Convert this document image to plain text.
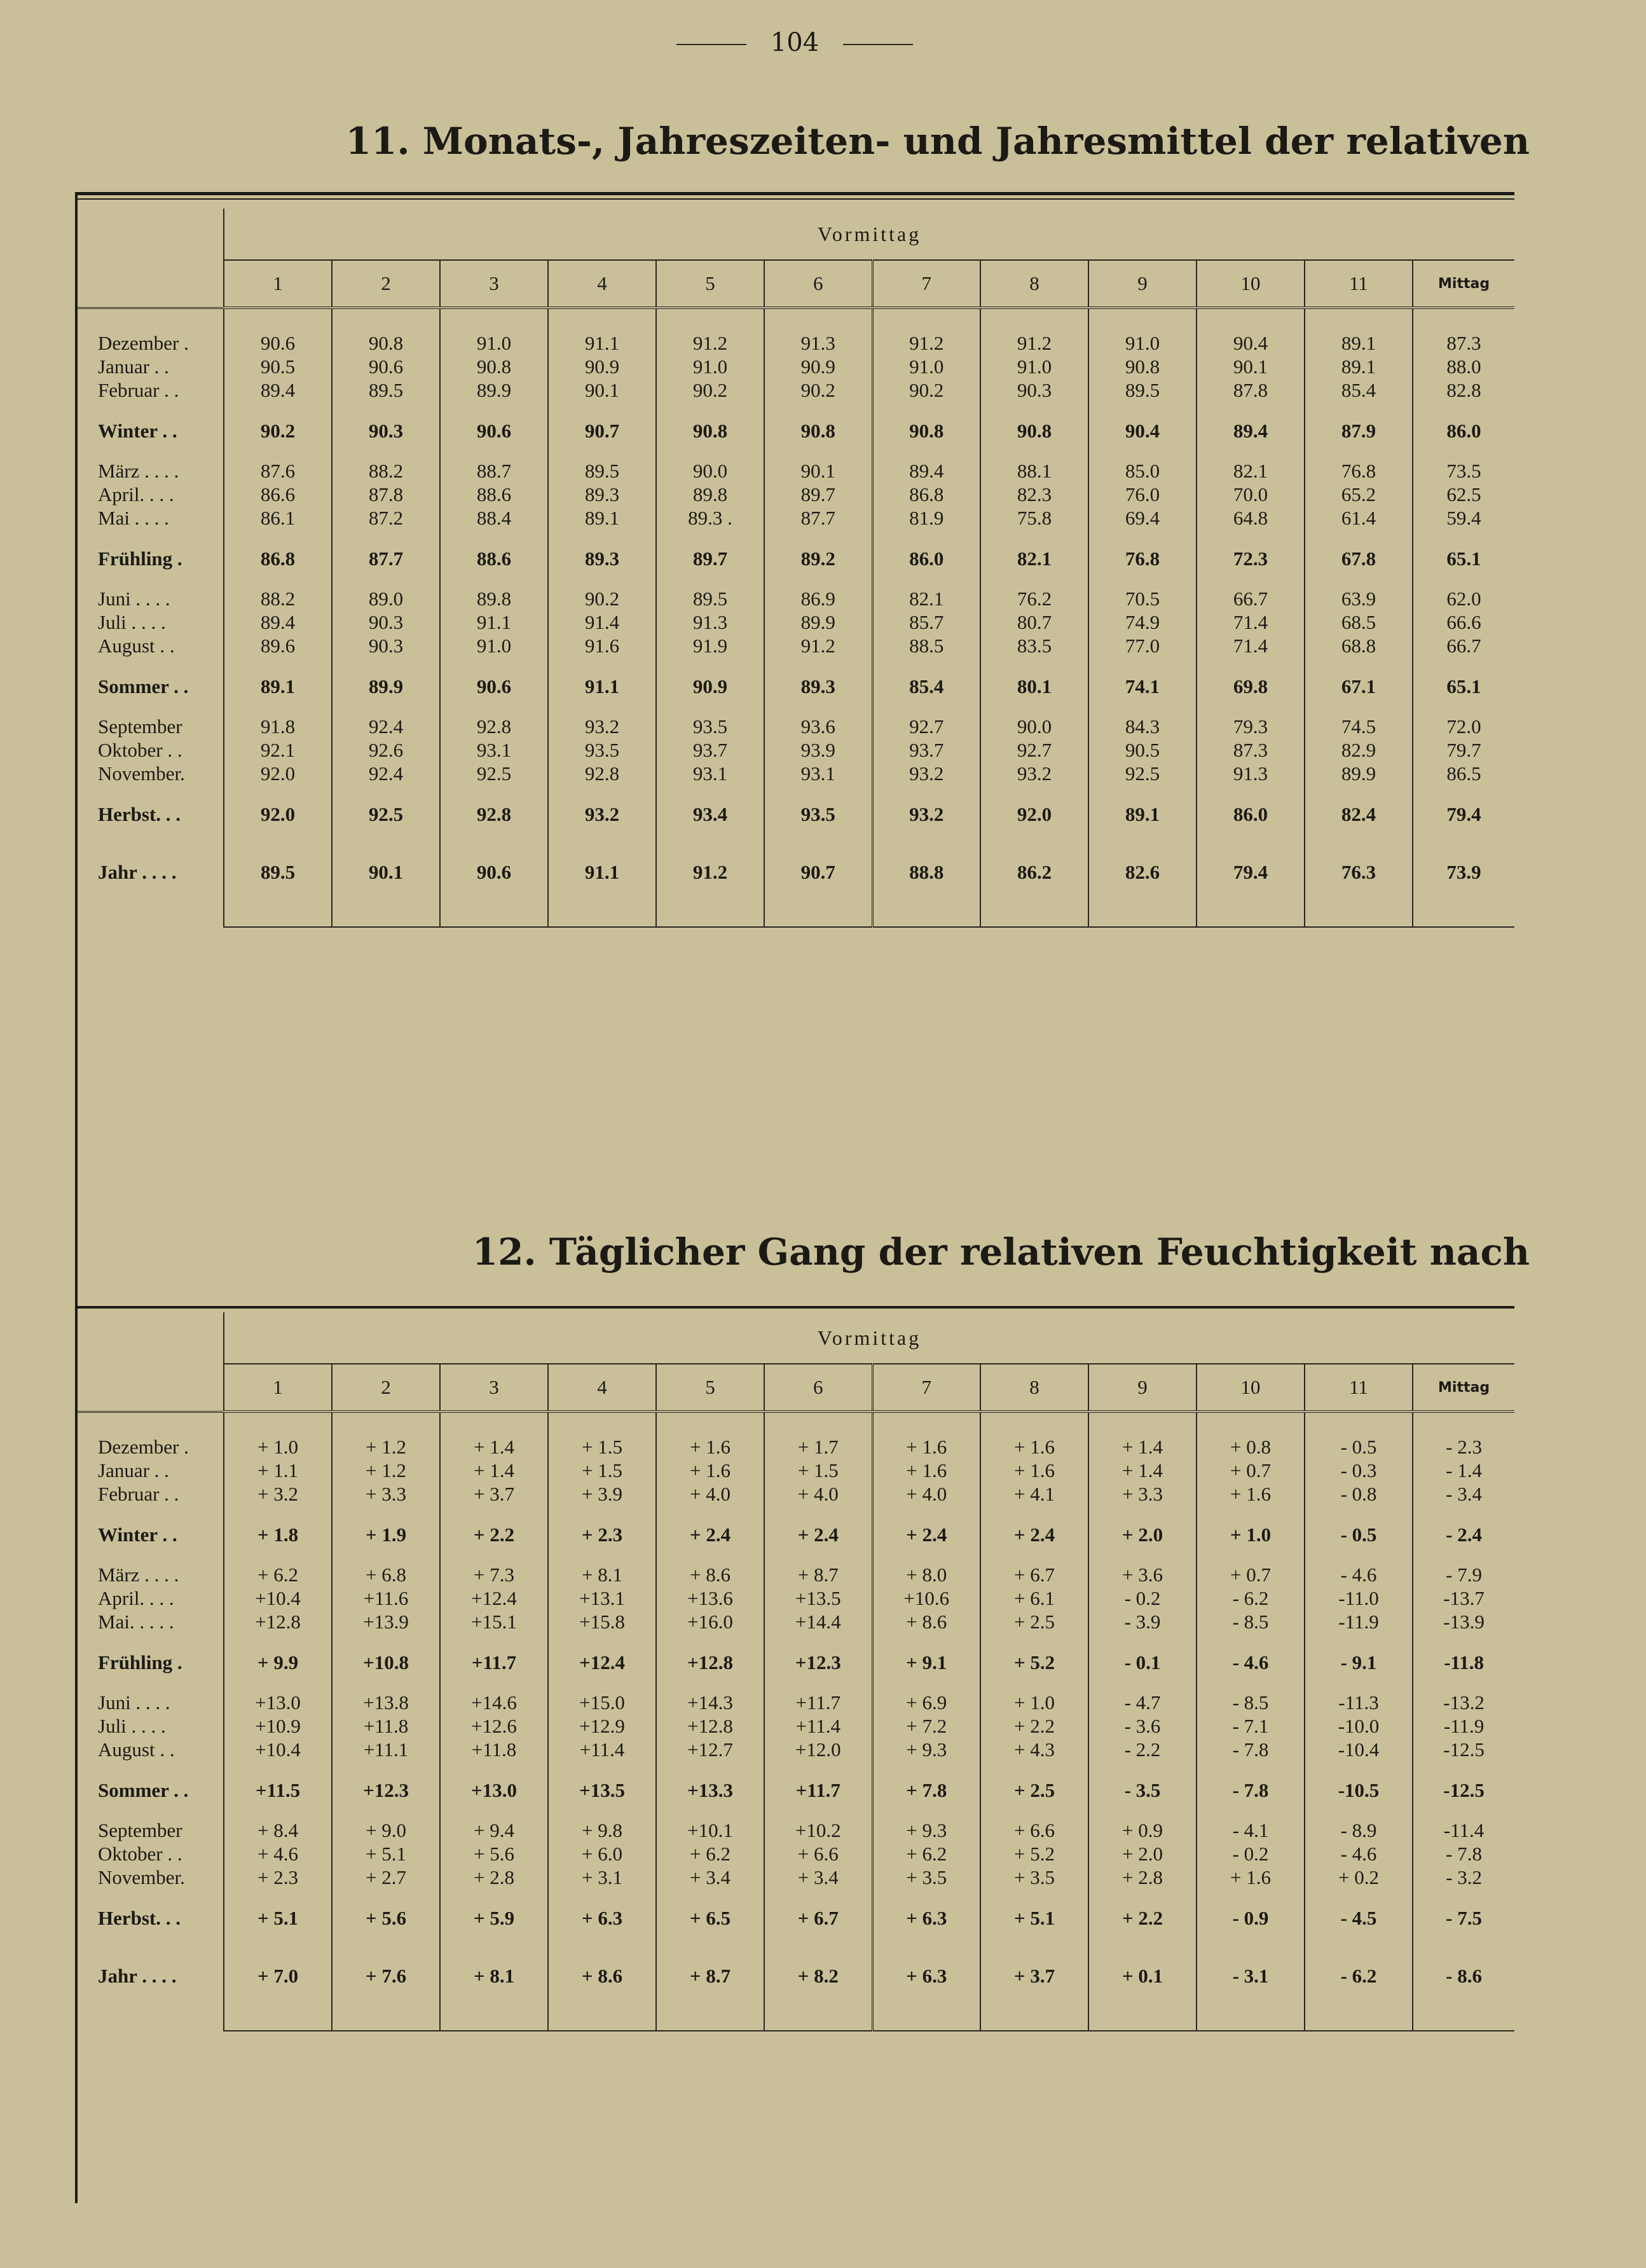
104
11. Monats-, Jahreszeiten- und Jahresmittel der relativen
	Vormittag											
	1	2	3	4	5	6	7	8	9	10	11	Mittag

Dezember .	90.6	90.8	91.0	91.1	91.2	91.3	91.2	91.2	91.0	90.4	89.1	87.3
Januar . .	90.5	90.6	90.8	90.9	91.0	90.9	91.0	91.0	90.8	90.1	89.1	88.0
Februar . .	89.4	89.5	89.9	90.1	90.2	90.2	90.2	90.3	89.5	87.8	85.4	82.8
Winter . .	90.2	90.3	90.6	90.7	90.8	90.8	90.8	90.8	90.4	89.4	87.9	86.0
März . . . .	87.6	88.2	88.7	89.5	90.0	90.1	89.4	88.1	85.0	82.1	76.8	73.5
April. . . .	86.6	87.8	88.6	89.3	89.8	89.7	86.8	82.3	76.0	70.0	65.2	62.5
Mai . . . .	86.1	87.2	88.4	89.1	89.3 .	87.7	81.9	75.8	69.4	64.8	61.4	59.4
Frühling .	86.8	87.7	88.6	89.3	89.7	89.2	86.0	82.1	76.8	72.3	67.8	65.1
Juni . . . .	88.2	89.0	89.8	90.2	89.5	86.9	82.1	76.2	70.5	66.7	63.9	62.0
Juli . . . .	89.4	90.3	91.1	91.4	91.3	89.9	85.7	80.7	74.9	71.4	68.5	66.6
August . .	89.6	90.3	91.0	91.6	91.9	91.2	88.5	83.5	77.0	71.4	68.8	66.7
Sommer . .	89.1	89.9	90.6	91.1	90.9	89.3	85.4	80.1	74.1	69.8	67.1	65.1
September	91.8	92.4	92.8	93.2	93.5	93.6	92.7	90.0	84.3	79.3	74.5	72.0
Oktober . .	92.1	92.6	93.1	93.5	93.7	93.9	93.7	92.7	90.5	87.3	82.9	79.7
November.	92.0	92.4	92.5	92.8	93.1	93.1	93.2	93.2	92.5	91.3	89.9	86.5
Herbst. . .	92.0	92.5	92.8	93.2	93.4	93.5	93.2	92.0	89.1	86.0	82.4	79.4
Jahr . . . .	89.5	90.1	90.6	91.1	91.2	90.7	88.8	86.2	82.6	79.4	76.3	73.9

12. Täglicher Gang der relativen Feuchtigkeit nach
	Vormittag											
	1	2	3	4	5	6	7	8	9	10	11	Mittag

Dezember .	+ 1.0	+ 1.2	+ 1.4	+ 1.5	+ 1.6	+ 1.7	+ 1.6	+ 1.6	+ 1.4	+ 0.8	- 0.5	- 2.3
Januar . .	+ 1.1	+ 1.2	+ 1.4	+ 1.5	+ 1.6	+ 1.5	+ 1.6	+ 1.6	+ 1.4	+ 0.7	- 0.3	- 1.4
Februar . .	+ 3.2	+ 3.3	+ 3.7	+ 3.9	+ 4.0	+ 4.0	+ 4.0	+ 4.1	+ 3.3	+ 1.6	- 0.8	- 3.4
Winter . .	+ 1.8	+ 1.9	+ 2.2	+ 2.3	+ 2.4	+ 2.4	+ 2.4	+ 2.4	+ 2.0	+ 1.0	- 0.5	- 2.4
März . . . .	+ 6.2	+ 6.8	+ 7.3	+ 8.1	+ 8.6	+ 8.7	+ 8.0	+ 6.7	+ 3.6	+ 0.7	- 4.6	- 7.9
April. . . .	+10.4	+11.6	+12.4	+13.1	+13.6	+13.5	+10.6	+ 6.1	- 0.2	- 6.2	-11.0	-13.7
Mai. . . . .	+12.8	+13.9	+15.1	+15.8	+16.0	+14.4	+ 8.6	+ 2.5	- 3.9	- 8.5	-11.9	-13.9
Frühling .	+ 9.9	+10.8	+11.7	+12.4	+12.8	+12.3	+ 9.1	+ 5.2	- 0.1	- 4.6	- 9.1	-11.8
Juni . . . .	+13.0	+13.8	+14.6	+15.0	+14.3	+11.7	+ 6.9	+ 1.0	- 4.7	- 8.5	-11.3	-13.2
Juli . . . .	+10.9	+11.8	+12.6	+12.9	+12.8	+11.4	+ 7.2	+ 2.2	- 3.6	- 7.1	-10.0	-11.9
August . .	+10.4	+11.1	+11.8	+11.4	+12.7	+12.0	+ 9.3	+ 4.3	- 2.2	- 7.8	-10.4	-12.5
Sommer . .	+11.5	+12.3	+13.0	+13.5	+13.3	+11.7	+ 7.8	+ 2.5	- 3.5	- 7.8	-10.5	-12.5
September	+ 8.4	+ 9.0	+ 9.4	+ 9.8	+10.1	+10.2	+ 9.3	+ 6.6	+ 0.9	- 4.1	- 8.9	-11.4
Oktober . .	+ 4.6	+ 5.1	+ 5.6	+ 6.0	+ 6.2	+ 6.6	+ 6.2	+ 5.2	+ 2.0	- 0.2	- 4.6	- 7.8
November.	+ 2.3	+ 2.7	+ 2.8	+ 3.1	+ 3.4	+ 3.4	+ 3.5	+ 3.5	+ 2.8	+ 1.6	+ 0.2	- 3.2
Herbst. . .	+ 5.1	+ 5.6	+ 5.9	+ 6.3	+ 6.5	+ 6.7	+ 6.3	+ 5.1	+ 2.2	- 0.9	- 4.5	- 7.5
Jahr . . . .	+ 7.0	+ 7.6	+ 8.1	+ 8.6	+ 8.7	+ 8.2	+ 6.3	+ 3.7	+ 0.1	- 3.1	- 6.2	- 8.6
